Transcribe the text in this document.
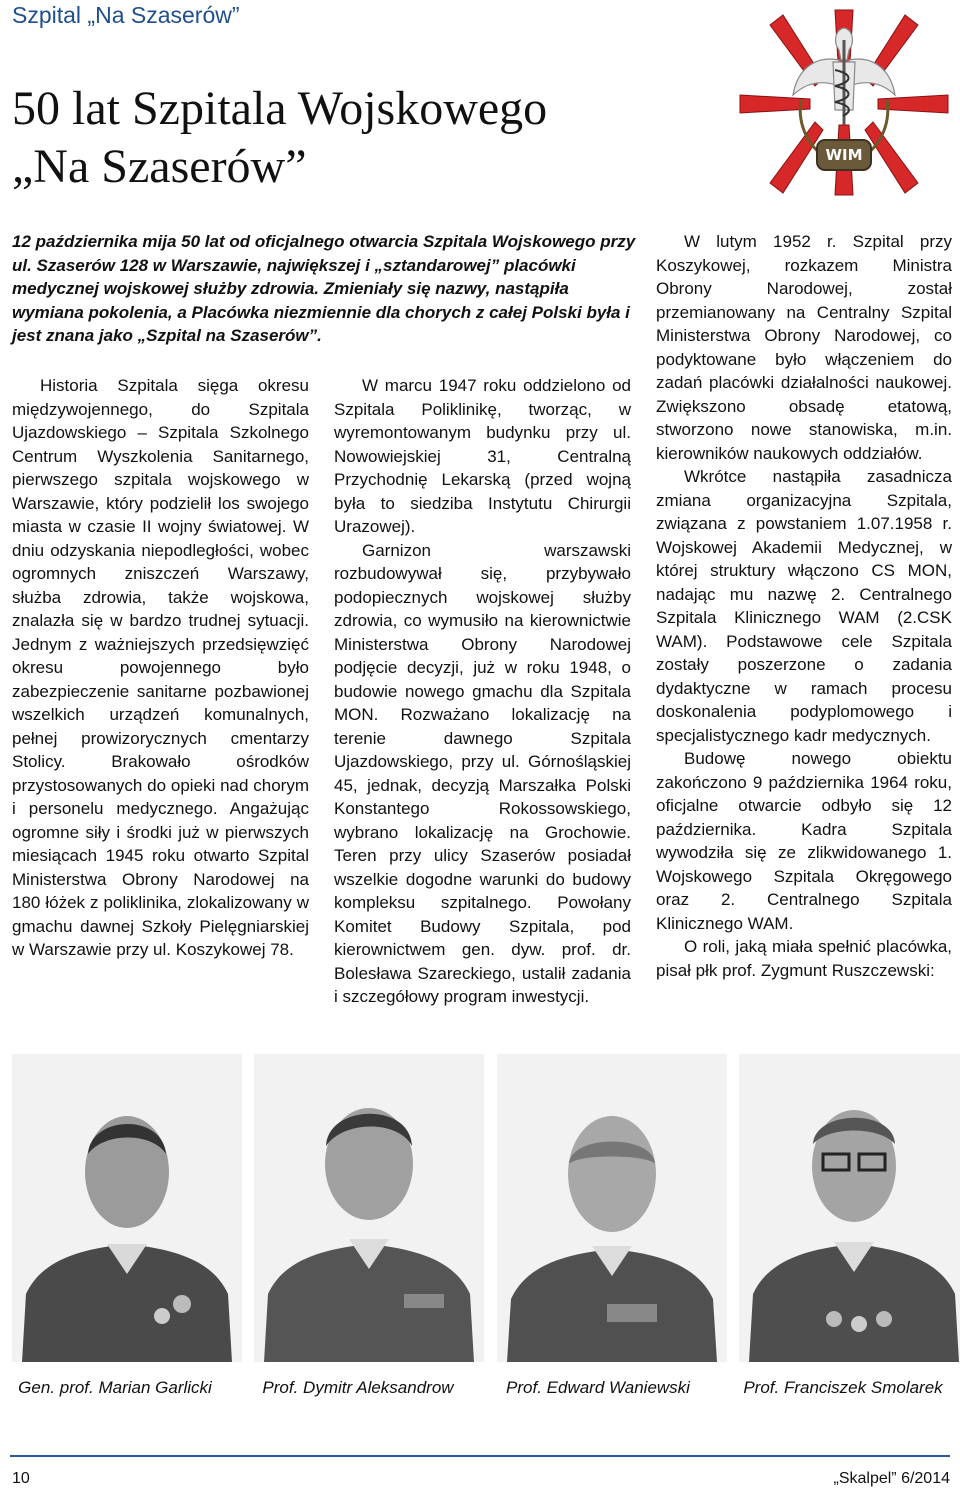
Szpital „Na Szaserów”
50 lat Szpitala Wojskowego
„Na Szaserów”	WIM
12 października mija 50 lat od oficjalnego otwarcia Szpitala Wojskowego przy ul. Szaserów 128 w Warszawie, największej i „sztandarowej” placówki medycznej wojskowej służby zdrowia. Zmieniały się nazwy, nastąpiła wymiana pokolenia, a Placówka niezmiennie dla chorych z całej Polski była i jest znana jako „Szpital na Szaserów”.

Historia Szpitala sięga okresu międzywojennego, do Szpitala Ujazdowskiego – Szpitala Szkolnego Centrum Wyszkolenia Sanitarnego, pierwszego szpitala wojskowego w Warszawie, który podzielił los swojego miasta w czasie II wojny światowej. W dniu odzyskania niepodległości, wobec ogromnych zniszczeń Warszawy, służba zdrowia, także wojskowa, znalazła się w bardzo trudnej sytuacji. Jednym z ważniejszych przedsięwzięć okresu powojennego było zabezpieczenie sanitarne pozbawionej wszelkich urządzeń komunalnych, pełnej prowizorycznych cmentarzy Stolicy. Brakowało ośrodków przystosowanych do opieki nad chorym i personelu medycznego. Angażując ogromne siły i środki już w pierwszych miesiącach 1945 roku otwarto Szpital Ministerstwa Obrony Narodowej na 180 łóżek z poliklinika, zlokalizowany w gmachu dawnej Szkoły Pielęgniarskiej w Warszawie przy ul. Koszykowej 78.

W marcu 1947 roku oddzielono od Szpitala Poliklinikę, tworząc, w wyremontowanym budynku przy ul. Nowowiejskiej 31, Centralną Przychodnię Lekarską (przed wojną była to siedziba Instytutu Chirurgii Urazowej).

Garnizon warszawski rozbudowywał się, przybywało podopiecznych wojskowej służby zdrowia, co wymusiło na kierownictwie Ministerstwa Obrony Narodowej podjęcie decyzji, już w roku 1948, o budowie nowego gmachu dla Szpitala MON. Rozważano lokalizację na terenie dawnego Szpitala Ujazdowskiego, przy ul. Górnośląskiej 45, jednak, decyzją Marszałka Polski Konstantego Rokossowskiego, wybrano lokalizację na Grochowie. Teren przy ulicy Szaserów posiadał wszelkie dogodne warunki do budowy kompleksu szpitalnego. Powołany Komitet Budowy Szpitala, pod kierownictwem gen. dyw. prof. dr. Bolesława Szareckiego, ustalił zadania i szczegółowy program inwestycji.

W lutym 1952 r. Szpital przy Koszykowej, rozkazem Ministra Obrony Narodowej, został przemianowany na Centralny Szpital Ministerstwa Obrony Narodowej, co podyktowane było włączeniem do zadań placówki działalności naukowej. Zwiększono obsadę etatową, stworzono nowe stanowiska, m.in. kierowników naukowych oddziałów.

Wkrótce nastąpiła zasadnicza zmiana organizacyjna Szpitala, związana z powstaniem 1.07.1958 r. Wojskowej Akademii Medycznej, w której struktury włączono CS MON, nadając mu nazwę 2. Centralnego Szpitala Klinicznego WAM (2.CSK WAM). Podstawowe cele Szpitala zostały poszerzone o zadania dydaktyczne w ramach procesu doskonalenia podyplomowego i specjalistycznego kadr medycznych.

Budowę nowego obiektu zakończono 9 października 1964 roku, oficjalne otwarcie odbyło się 12 października. Kadra Szpitala wywodziła się ze zlikwidowanego 1. Wojskowego Szpitala Okręgowego oraz 2. Centralnego Szpitala Klinicznego WAM.

O roli, jaką miała spełnić placówka, pisał płk prof. Zygmunt Ruszczewski:

Gen. prof. Marian Garlicki	Prof. Dymitr Aleksandrow	Prof. Edward Waniewski	Prof. Franciszek Smolarek
10	„Skalpel” 6/2014
